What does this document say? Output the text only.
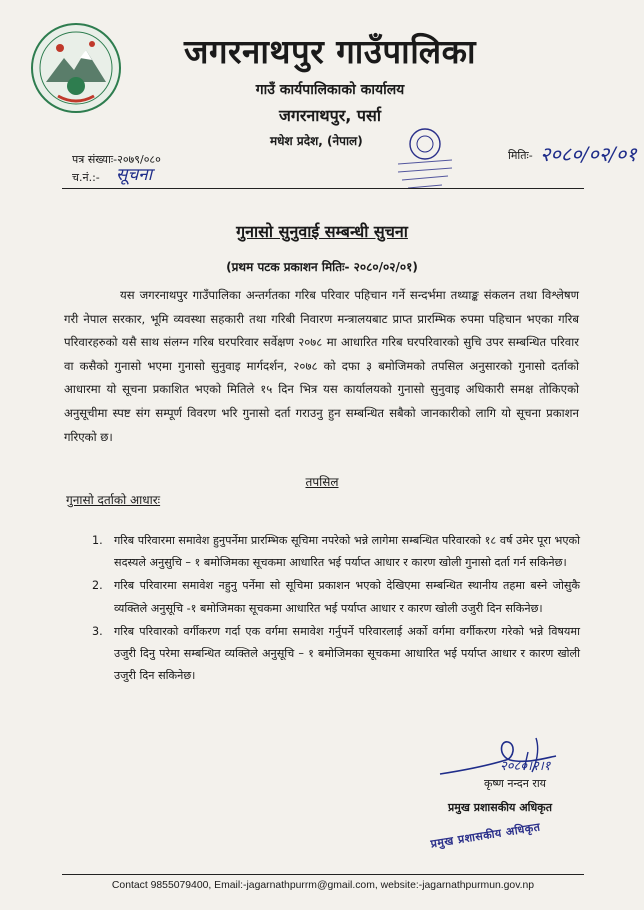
जगरनाथपुर गाउँपालिका
गाउँ कार्यपालिकाको कार्यालय
जगरनाथपुर, पर्सा
मधेश प्रदेश, (नेपाल)
पत्र संख्याः-२०७९/०८०
च.नं.:- सूचना
मितिः- २०८०/०२/०१
गुनासो सुनुवाई सम्बन्धी सुचना
(प्रथम पटक प्रकाशन मितिः- २०८०/०२/०१)
यस जगरनाथपुर गाउँपालिका अन्तर्गतका गरिब परिवार पहिचान गर्ने सन्दर्भमा तथ्याङ्क संकलन तथा विश्लेषण गरी नेपाल सरकार, भूमि व्यवस्था सहकारी तथा गरिबी निवारण मन्त्रालयबाट प्राप्त प्रारम्भिक रुपमा पहिचान भएका गरिब परिवारहरुको यसै साथ संलग्न गरिब घरपरिवार सर्वेक्षण २०७८ मा आधारित गरिब घरपरिवारको सुचि उपर सम्बन्धित परिवार वा कसैको गुनासो भएमा गुनासो सुनुवाइ मार्गदर्शन, २०७८ को दफा ३ बमोजिमको तपसिल अनुसारको गुनासो दर्ताको आधारमा यो सूचना प्रकाशित भएको मितिले १५ दिन भित्र यस कार्यालयको गुनासो सुनुवाइ अधिकारी समक्ष तोकिएको अनुसूचीमा स्पष्ट संग सम्पूर्ण विवरण भरि गुनासो दर्ता गराउनु हुन सम्बन्धित सबैको जानकारीको लागि यो सूचना प्रकाशन गरिएको छ।
तपसिल
गुनासो दर्ताको आधारः
1. गरिब परिवारमा समावेश हुनुपर्नेमा प्रारम्भिक सूचिमा नपरेको भन्ने लागेमा सम्बन्धित परिवारको १८ वर्ष उमेर पूरा भएको सदस्यले अनुसुचि – १ बमोजिमका सूचकमा आधारित भई पर्याप्त आधार र कारण खोली गुनासो दर्ता गर्न सकिनेछ।
2. गरिब परिवारमा समावेश नहुनु पर्नेमा सो सूचिमा प्रकाशन भएको देखिएमा सम्बन्धित स्थानीय तहमा बस्ने जोसुकै व्यक्तिले अनुसूचि -१ बमोजिमका सूचकमा आधारित भई पर्याप्त आधार र कारण खोली उजुरी दिन सकिनेछ।
3. गरिब परिवारको वर्गीकरण गर्दा एक वर्गमा समावेश गर्नुपर्ने परिवारलाई अर्को वर्गमा वर्गीकरण गरेको भन्ने विषयमा उजुरी दिनु परेमा सम्बन्धित व्यक्तिले अनुसूचि – १ बमोजिमका सूचकमा आधारित भई पर्याप्त आधार र कारण खोली उजुरी दिन सकिनेछ।
२०८०।२।१
कृष्ण नन्दन राय
प्रमुख प्रशासकीय अधिकृत
प्रमुख प्रशासकीय अधिकृत
Contact 9855079400, Email:-jagarnathpurrm@gmail.com, website:-jagarnathpurmun.gov.np
